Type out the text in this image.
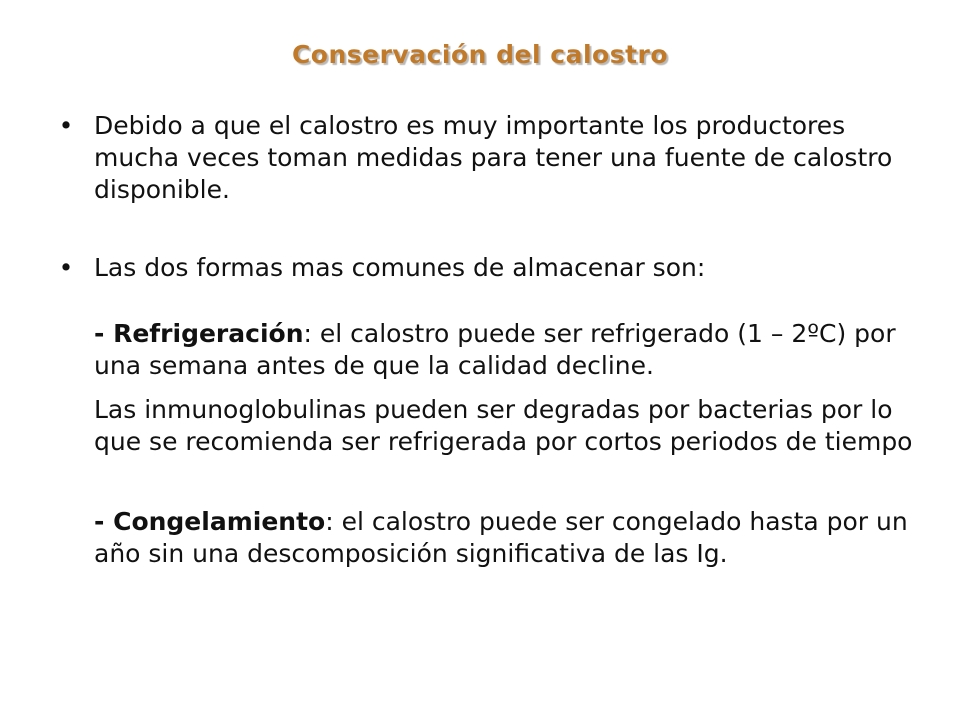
Conservación del calostro
• Debido a que el calostro es muy importante los productores mucha veces toman medidas para tener una fuente de calostro disponible.
• Las dos formas mas comunes de almacenar son:
- Refrigeración: el calostro puede ser refrigerado (1 – 2ºC) por una semana antes de que la calidad decline.
Las inmunoglobulinas pueden ser degradas por bacterias por lo que se recomienda ser refrigerada por cortos periodos de tiempo
- Congelamiento: el calostro puede ser congelado hasta por un año sin una descomposición significativa de las Ig.
